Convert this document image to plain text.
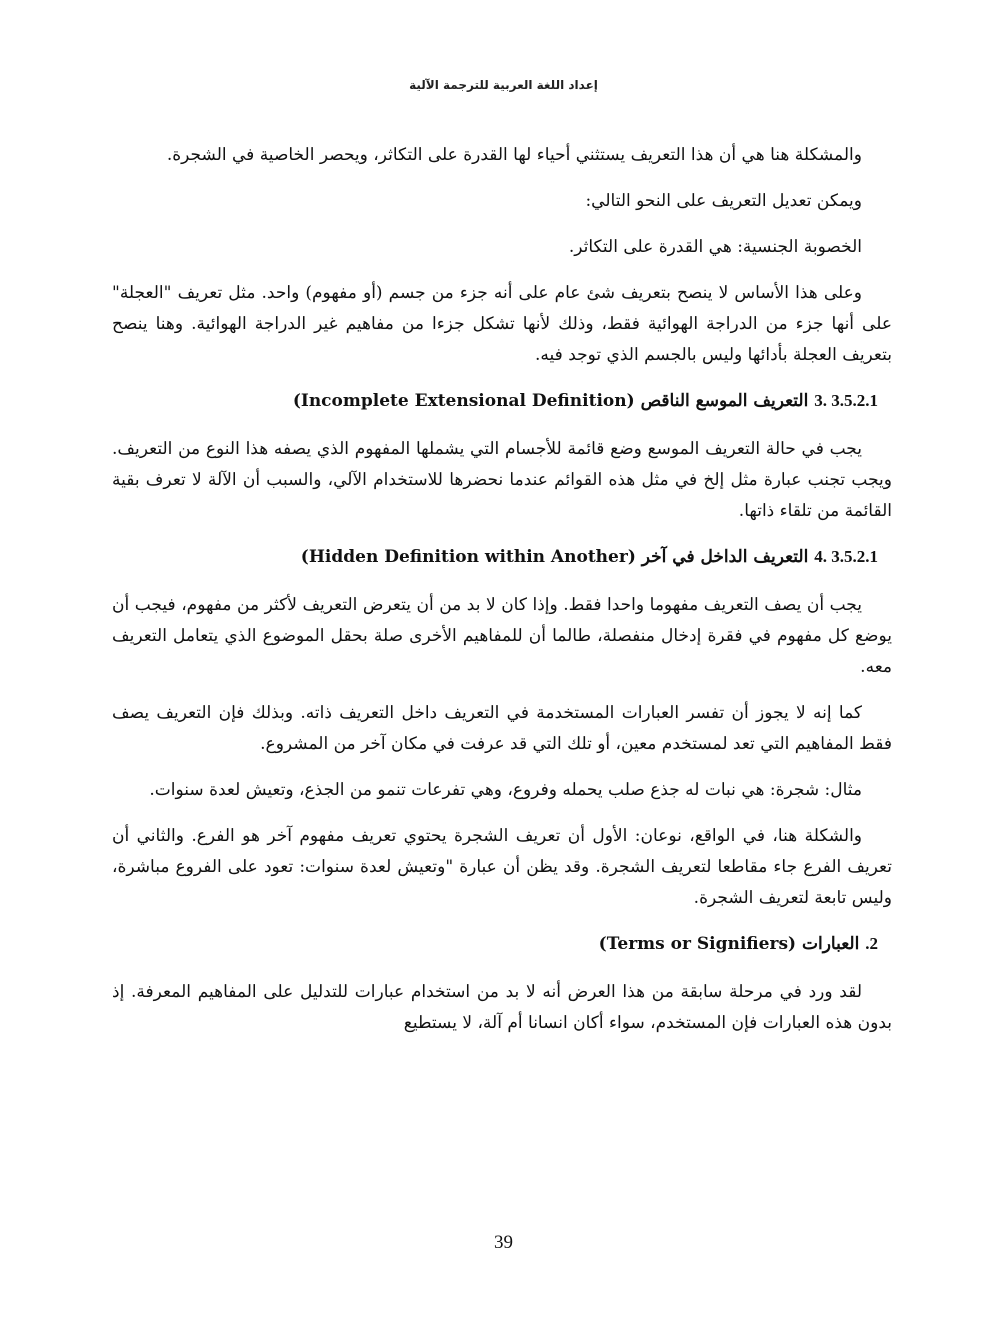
إعداد اللغة العربية للترجمة الآلية

والمشكلة هنا هي أن هذا التعريف يستثني أحياء لها القدرة على التكاثر، ويحصر الخاصية في الشجرة.

ويمكن تعديل التعريف على النحو التالي:

الخصوبة الجنسية: هي القدرة على التكاثر.

وعلى هذا الأساس لا ينصح بتعريف شئ عام على أنه جزء من جسم (أو مفهوم) واحد. مثل تعريف "العجلة" على أنها جزء من الدراجة الهوائية فقط، وذلك لأنها تشكل جزءا من مفاهيم غير الدراجة الهوائية. وهنا ينصح بتعريف العجلة بأدائها وليس بالجسم الذي توجد فيه.

3.5.2.1 .3 التعريف الموسع الناقص (Incomplete Extensional Definition)

يجب في حالة التعريف الموسع وضع قائمة للأجسام التي يشملها المفهوم الذي يصفه هذا النوع من التعريف. ويجب تجنب عبارة مثل إلخ في مثل هذه القوائم عندما نحضرها للاستخدام الآلي، والسبب أن الآلة لا تعرف بقية القائمة من تلقاء ذاتها.

3.5.2.1 .4 التعريف الداخل في آخر (Hidden Definition within Another)

يجب أن يصف التعريف مفهوما واحدا فقط. وإذا كان لا بد من أن يتعرض التعريف لأكثر من مفهوم، فيجب أن يوضع كل مفهوم في فقرة إدخال منفصلة، طالما أن للمفاهيم الأخرى صلة بحقل الموضوع الذي يتعامل التعريف معه.

كما إنه لا يجوز أن تفسر العبارات المستخدمة في التعريف داخل التعريف ذاته. وبذلك فإن التعريف يصف فقط المفاهيم التي تعد لمستخدم معين، أو تلك التي قد عرفت في مكان آخر من المشروع.

مثال: شجرة: هي نبات له جذع صلب يحمله وفروع، وهي تفرعات تنمو من الجذع، وتعيش لعدة سنوات.

والشكلة هنا، في الواقع، نوعان: الأول أن تعريف الشجرة يحتوي تعريف مفهوم آخر هو الفرع. والثاني أن تعريف الفرع جاء مقاطعا لتعريف الشجرة. وقد يظن أن عبارة "وتعيش لعدة سنوات: تعود على الفروع مباشرة، وليس تابعة لتعريف الشجرة.

2. العبارات (Terms or Signifiers)

لقد ورد في مرحلة سابقة من هذا العرض أنه لا بد من استخدام عبارات للتدليل على المفاهيم المعرفة. إذ بدون هذه العبارات فإن المستخدم، سواء أكان انسانا أم آلة، لا يستطيع

39
